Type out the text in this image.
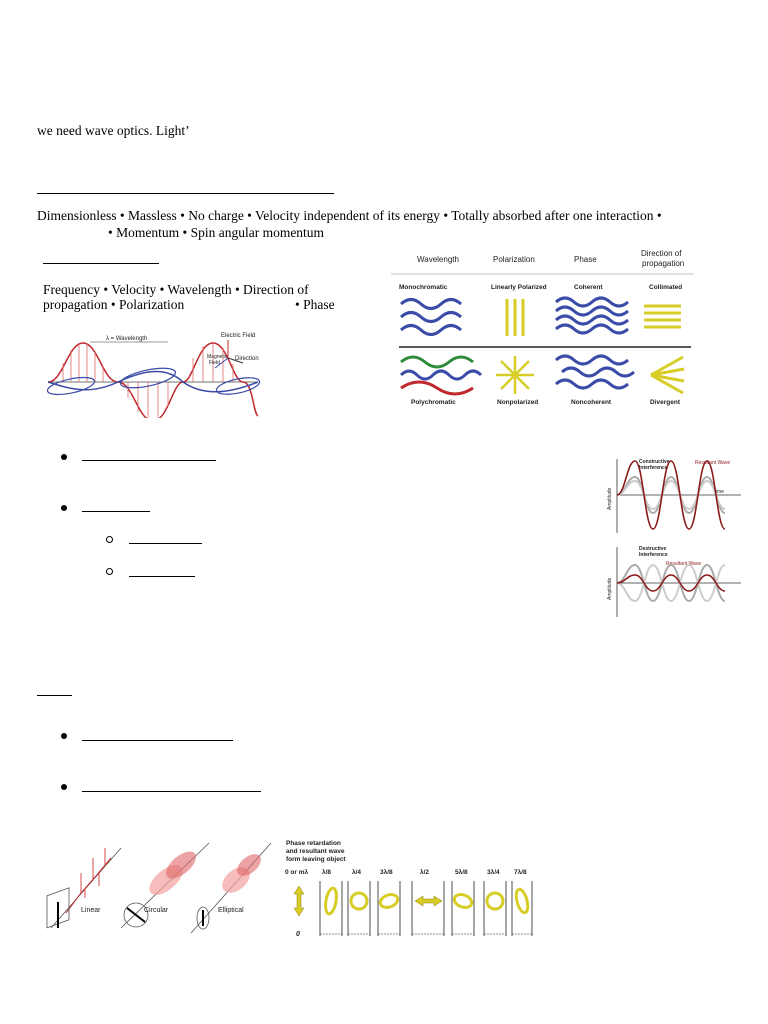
we need wave optics. Light’
Dimensionless • Massless • No charge • Velocity independent of its energy • Totally absorbed after one interaction •
• Momentum • Spin angular momentum
Frequency • Velocity • Wavelength • Direction of
propagation • Polarization	• Phase
λ = Wavelength	Electric Field
Magnetic
Field
Direction
Wavelength	Polarization	Phase
Direction of
propagation
Monochromatic	Linearly Polarized	Coherent	Collimated
Polychromatic	Nonpolarized	Noncoherent	Divergent
Constructive
Interference
Resultant Wave
Time
Amplitude
Destructive
Interference
Resultant Wave
Amplitude
Linear	Circular	Elliptical
Phase retardation
and resultant wave
form leaving object
0 or mλ λ/8	λ/4	3λ/8	λ/2	5λ/8	3λ/4 7λ/8
0
